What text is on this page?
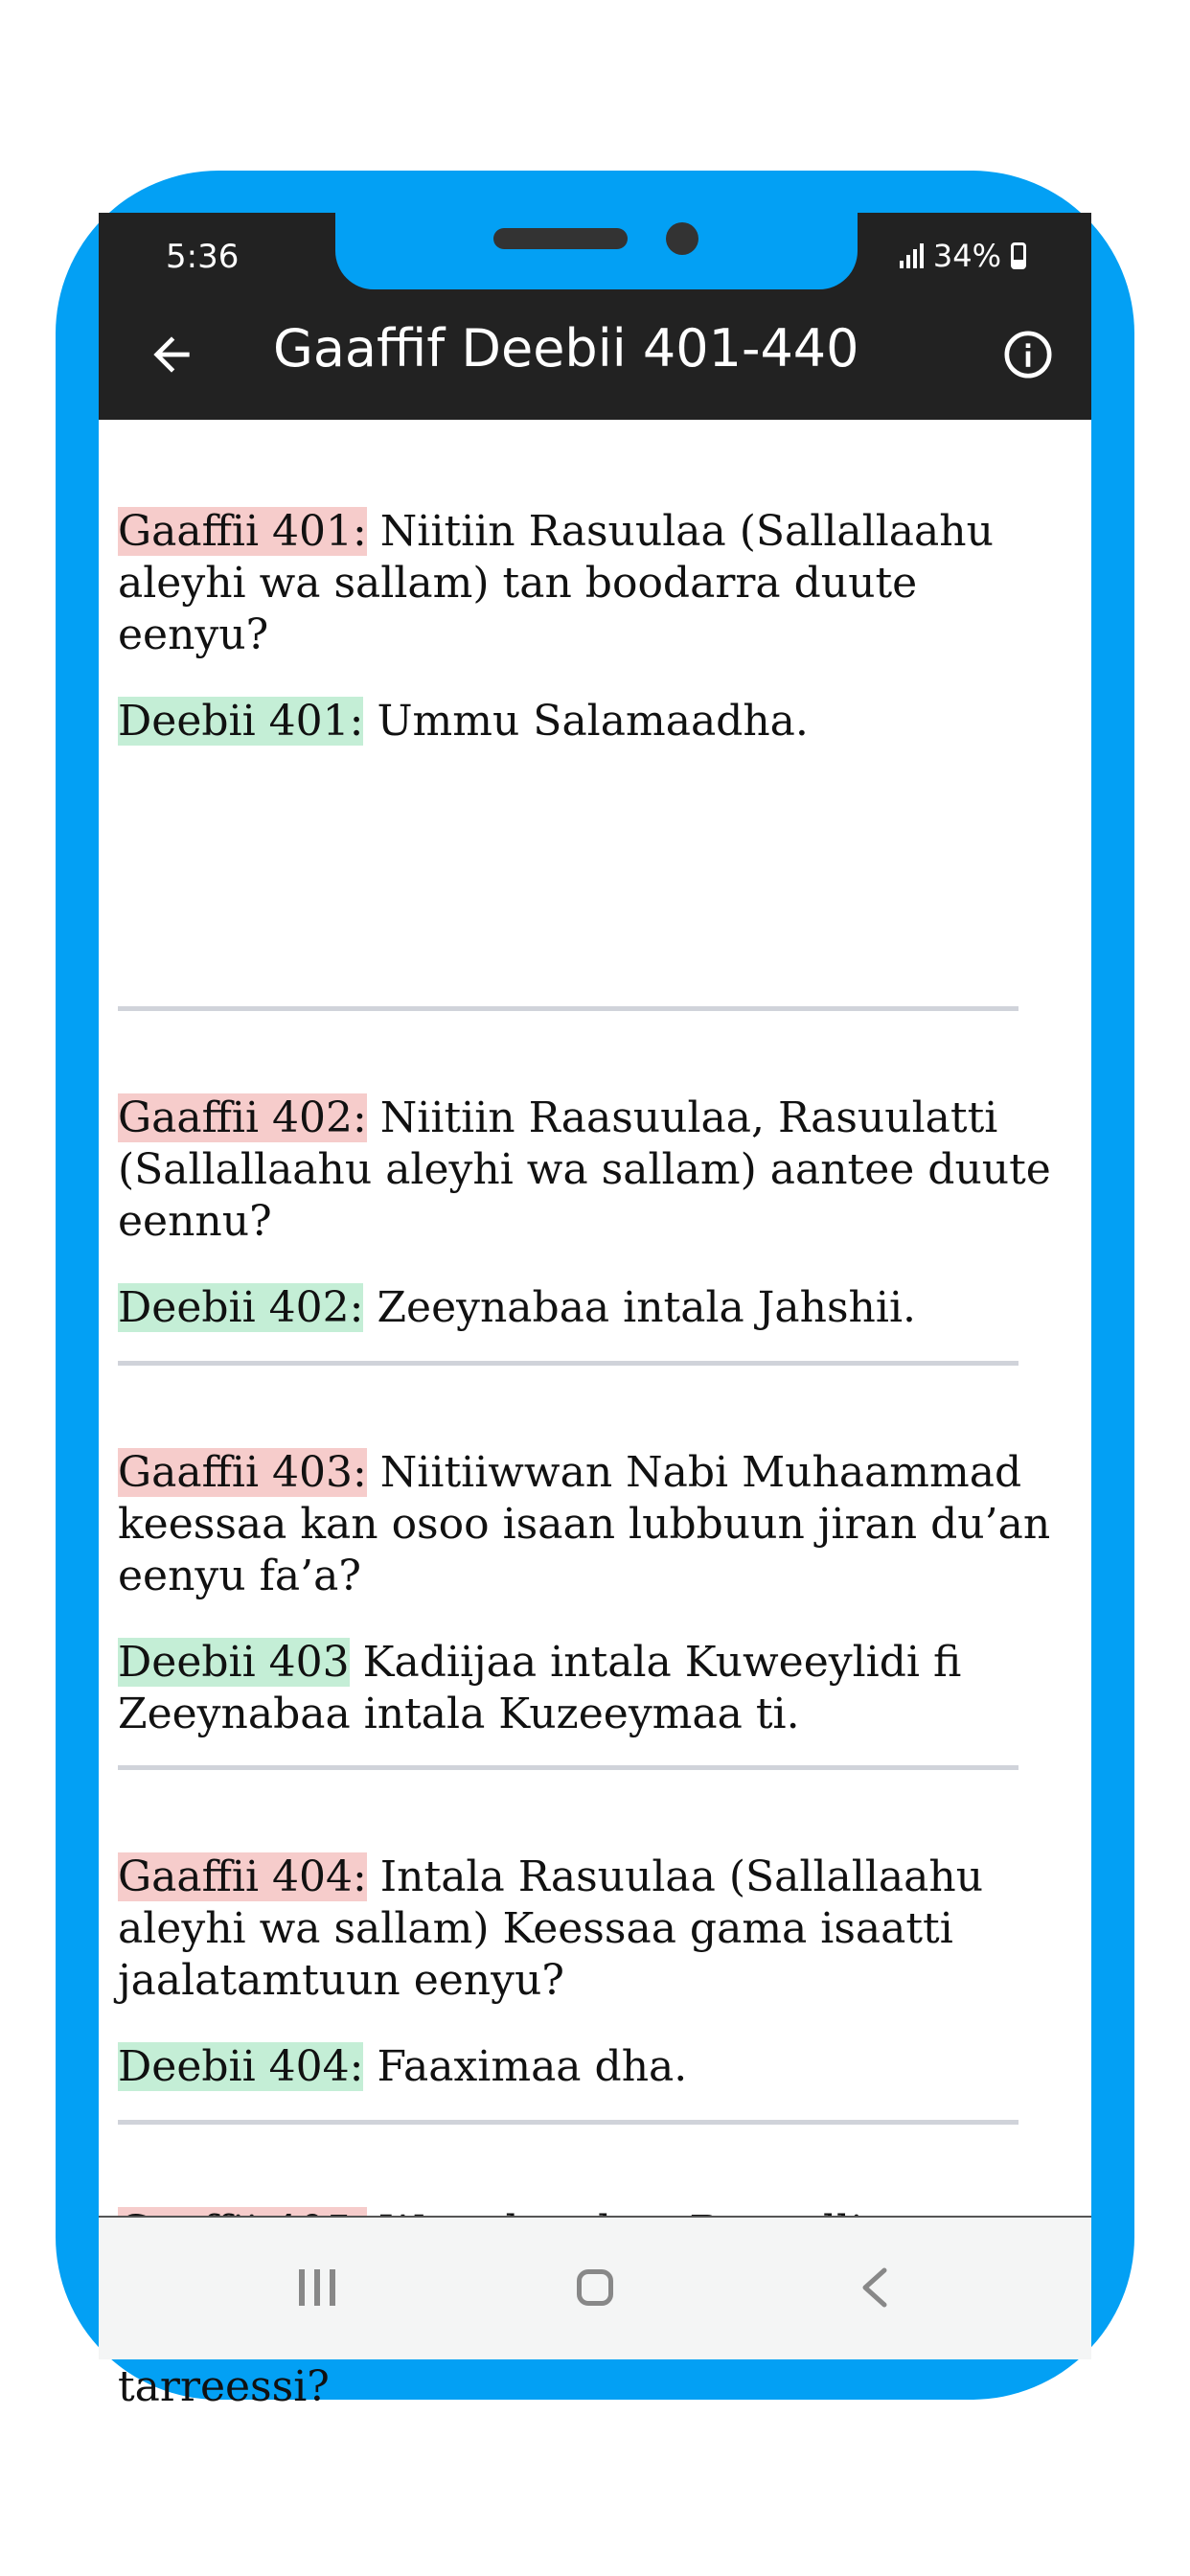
5:36	34%
Gaaffif Deebii 401-440

Gaaffii 401: Niitiin Rasuulaa (Sallallaahu aleyhi wa sallam) tan boodarra duute eenyu?

Deebii 401: Ummu Salamaadha.

Gaaffii 402: Niitiin Raasuulaa, Rasuulatti (Sallallaahu aleyhi wa sallam) aantee duute eennu?

Deebii 402: Zeeynabaa intala Jahshii.

Gaaffii 403: Niitiiwwan Nabi Muhaammad keessaa kan osoo isaan lubbuun jiran du’an eenyu fa’a?

Deebii 403 Kadiijaa intala Kuweeylidi fi Zeeynabaa intala Kuzeeymaa ti.

Gaaffii 404: Intala Rasuulaa (Sallallaahu aleyhi wa sallam) Keessaa gama isaatti jaalatamtuun eenyu?

Deebii 404: Faaximaa dha.

tarreessi?
